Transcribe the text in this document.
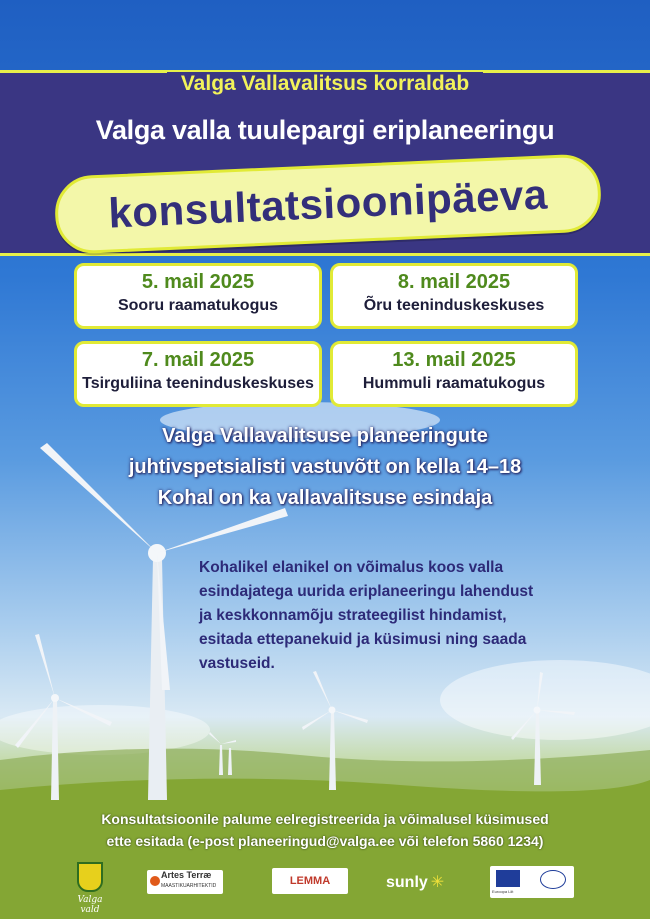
Valga Vallavalitsus korraldab
Valga valla tuulepargi eriplaneeringu
konsultatsioonipäeva
5. mail 2025
Sooru raamatukogus
8. mail 2025
Õru teeninduskeskuses
7. mail 2025
Tsirguliina teeninduskeskuses
13. mail 2025
Hummuli raamatukogus
Valga Vallavalitsuse planeeringute
juhtivspetsialisti vastuvõtt on kella 14–18
Kohal on ka vallavalitsuse esindaja
Kohalikel elanikel on võimalus koos valla
esindajatega uurida eriplaneeringu lahendust
ja keskkonnamõju strateegilist hindamist,
esitada ettepanekuid ja küsimusi ning saada
vastuseid.
Konsultatsioonile palume eelregistreerida ja võimalusel küsimused
ette esitada (e-post planeeringud@valga.ee või telefon 5860 1234)
Valga vald
Artes Terræ
MAASTIKUARHITEKTID	LEMMA	sunly ✳
Euroopa Liit
